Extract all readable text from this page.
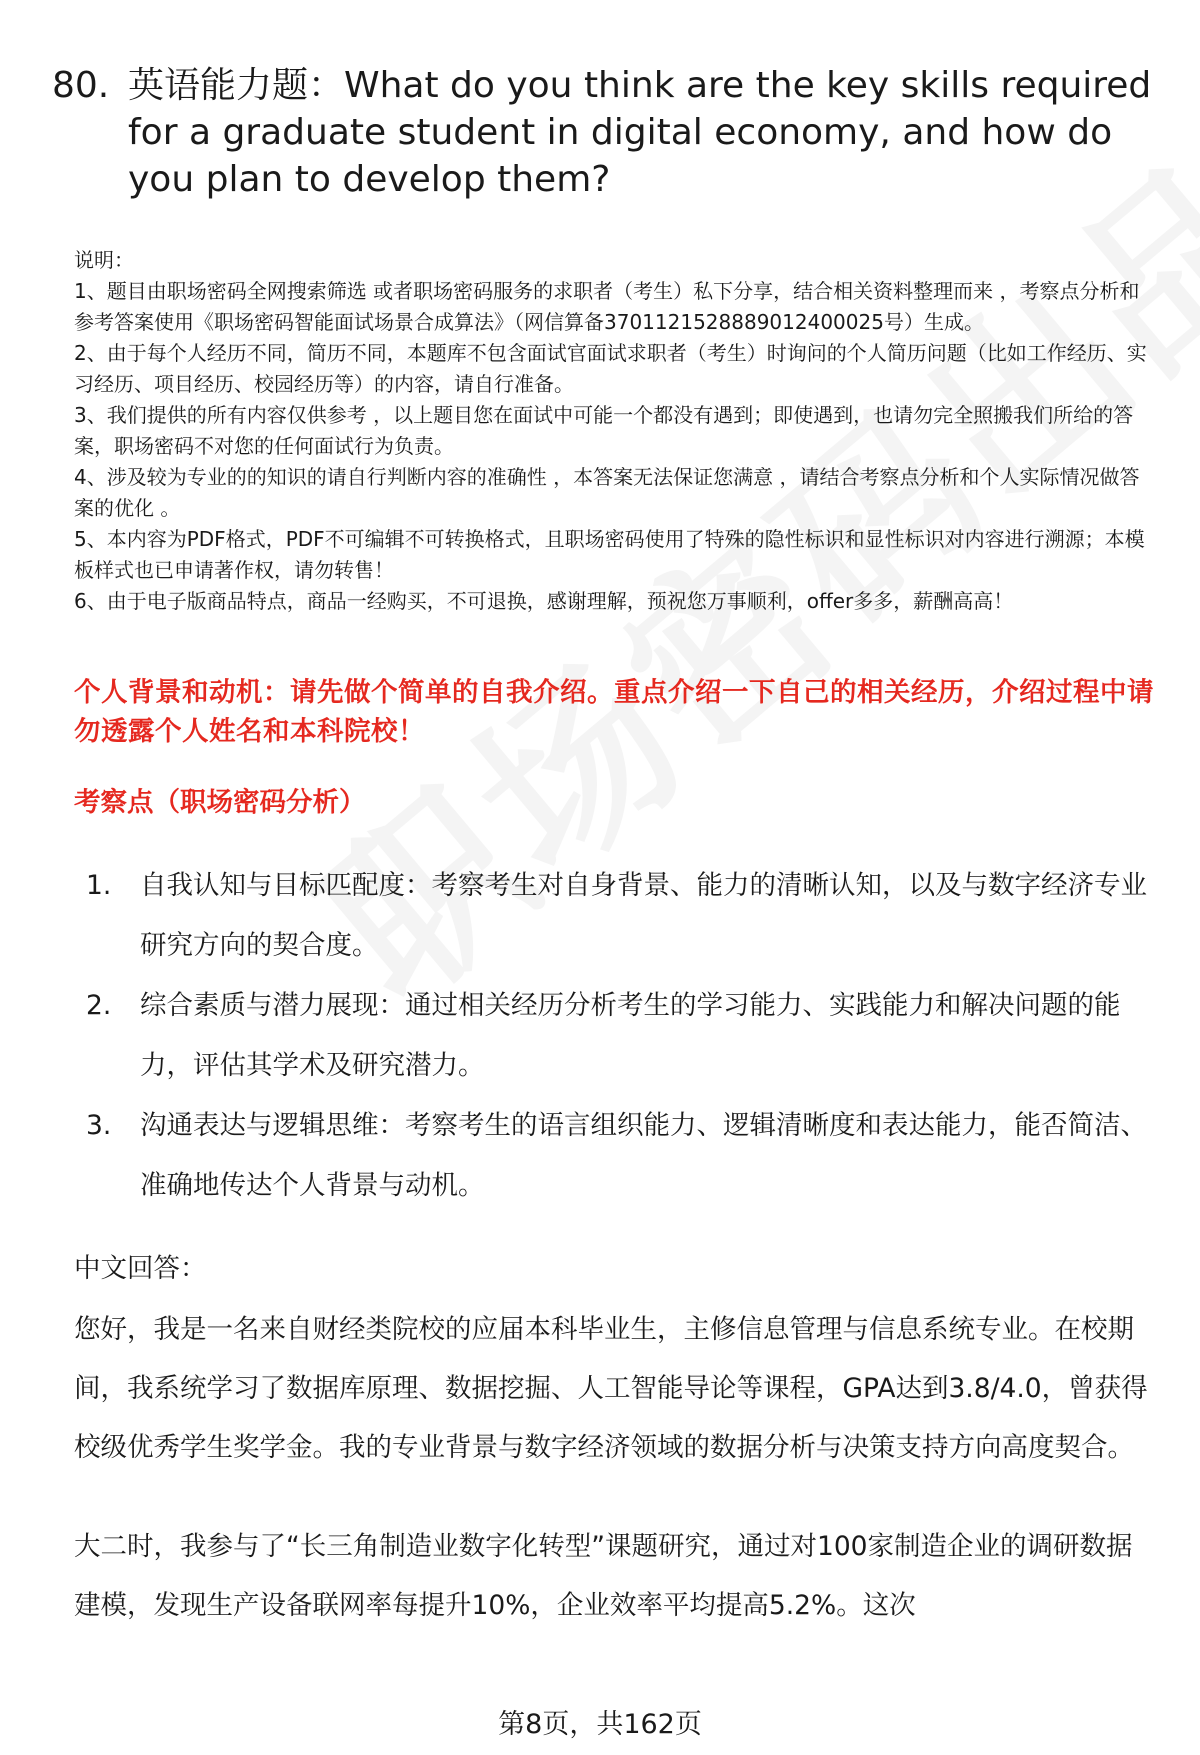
80. 英语能力题：What do you think are the key skills required for a graduate student in digital economy, and how do you plan to develop them?

说明：

1、题目由职场密码全网搜索筛选 或者职场密码服务的求职者（考生）私下分享，结合相关资料整理而来 ，考察点分析和参考答案使用《职场密码智能面试场景合成算法》（网信算备3701121528889012400025号）生成。

2、由于每个人经历不同，简历不同，本题库不包含面试官面试求职者（考生）时询问的个人简历问题（比如工作经历、实习经历、项目经历、校园经历等）的内容，请自行准备。

3、我们提供的所有内容仅供参考 ，以上题目您在面试中可能一个都没有遇到；即使遇到，也请勿完全照搬我们所给的答案，职场密码不对您的任何面试行为负责。

4、涉及较为专业的的知识的请自行判断内容的准确性 ，本答案无法保证您满意 ，请结合考察点分析和个人实际情况做答案的优化 。

5、本内容为PDF格式，PDF不可编辑不可转换格式，且职场密码使用了特殊的隐性标识和显性标识对内容进行溯源；本模板样式也已申请著作权，请勿转售！

6、由于电子版商品特点，商品一经购买，不可退换，感谢理解，预祝您万事顺利，offer多多，薪酬高高！

个人背景和动机：请先做个简单的自我介绍。重点介绍一下自己的相关经历，介绍过程中请勿透露个人姓名和本科院校！
考察点（职场密码分析）
1.	自我认知与目标匹配度：考察考生对自身背景、能力的清晰认知，以及与数字经济专业研究方向的契合度。
2.	综合素质与潜力展现：通过相关经历分析考生的学习能力、实践能力和解决问题的能力，评估其学术及研究潜力。
3.	沟通表达与逻辑思维：考察考生的语言组织能力、逻辑清晰度和表达能力，能否简洁、准确地传达个人背景与动机。
中文回答：

您好，我是一名来自财经类院校的应届本科毕业生，主修信息管理与信息系统专业。在校期间，我系统学习了数据库原理、数据挖掘、人工智能导论等课程，GPA达到3.8/4.0，曾获得校级优秀学生奖学金。我的专业背景与数字经济领域的数据分析与决策支持方向高度契合。

大二时，我参与了“长三角制造业数字化转型”课题研究，通过对100家制造企业的调研数据建模，发现生产设备联网率每提升10%，企业效率平均提高5.2%。这次

第8页，共162页
